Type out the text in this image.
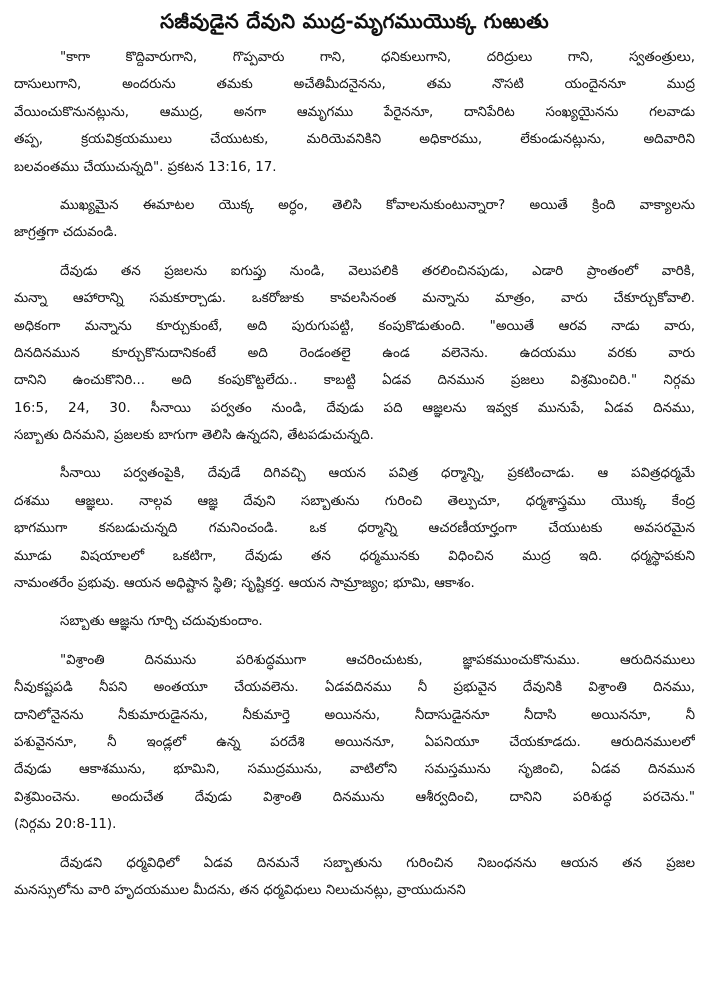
సజీవుడైన దేవుని ముద్ర-మృగముయొక్క గుఱుతు
"కాగా కొద్దివారుగాని, గొప్పవారు గాని, ధనికులుగాని, దరిద్రులు గాని, స్వతంత్రులు,
దాసులుగాని, అందరును తమకు అచేతిమీదనైనను, తమ నొసటి యందైననూ ముద్ర
వేయించుకొనునట్లును, ఆముద్ర, అనగా ఆమృగము పేరైననూ, దానిపేరిట సంఖ్యయైనను గలవాడు
తప్ప, క్రయవిక్రయములు చేయుటకు, మరియెవనికిని అధికారము, లేకుండునట్లును, అదివారిని
బలవంతము చేయుచున్నది". ప్రకటన 13:16, 17.
ముఖ్యమైన ఈమాటల యొక్క అర్ధం, తెలిసి కోవాలనుకుంటున్నారా? అయితే క్రింది వాక్యాలను
జాగ్రత్తగా చదువండి.
దేవుడు తన ప్రజలను ఐగుప్తు నుండి, వెలుపలికి తరలించినపుడు, ఎడారి ప్రాంతంలో వారికి,
మన్నా ఆహారాన్ని సమకూర్చాడు. ఒకరోజుకు కావలసినంత మన్నాను మాత్రం, వారు చేకూర్చుకోవాలి.
అధికంగా మన్నాను కూర్చుకుంటే, అది పురుగుపట్టి, కంపుకొడుతుంది. "అయితే ఆరవ నాడు వారు,
దినదినమున కూర్చుకొనుదానికంటే అది రెండంతలై ఉండ వలెనెను. ఉదయము వరకు వారు
దానిని ఉంచుకొనిరి... అది కంపుకొట్టలేదు.. కాబట్టి ఏడవ దినమున ప్రజలు విశ్రమించిరి." నిర్గమ
16:5, 24, 30. సీనాయి పర్వతం నుండి, దేవుడు పది ఆజ్ఞలను ఇవ్వక మునుపే, ఏడవ దినము,
సబ్బాతు దినమని, ప్రజలకు బాగుగా తెలిసి ఉన్నదని, తేటపడుచున్నది.
సీనాయి పర్వతంపైకి, దేవుడే దిగివచ్చి ఆయన పవిత్ర ధర్మాన్ని, ప్రకటించాడు. ఆ పవిత్రధర్మమే
దశము ఆజ్ఞలు. నాల్గవ ఆజ్ఞ దేవుని సబ్బాతును గురించి తెల్పుచూ, ధర్మశాస్త్రము యొక్క కేంద్ర
భాగముగా కనబడుచున్నది గమనించండి. ఒక ధర్మాన్ని ఆచరణీయార్హంగా చేయుటకు అవసరమైన
మూడు విషయాలలో ఒకటిగా, దేవుడు తన ధర్మమునకు విధించిన ముద్ర ఇది. ధర్మస్థాపకుని
నామంతరేం ప్రభువు. ఆయన అధిష్టాన స్థితి; సృష్టికర్త. ఆయన సామ్రాజ్యం; భూమి, ఆకాశం.
సబ్బాతు ఆజ్ఞను గూర్చి చదువుకుందాం.
"విశ్రాంతి దినమును పరిశుద్ధముగా ఆచరించుటకు, జ్ఞాపకముంచుకొనుము. ఆరుదినములు
నీవుకష్టపడి నీపని అంతయూ చేయవలెను. ఏడవదినము నీ ప్రభువైన దేవునికి విశ్రాంతి దినము,
దానిలోనైనను నీకుమారుడైనను, నీకుమార్తె అయినను, నీదాసుడైననూ నీదాసి అయిననూ, నీ
పశువైననూ, నీ ఇండ్లలో ఉన్న పరదేశి అయిననూ, ఏపనియూ చేయకూడదు. ఆరుదినములలో
దేవుడు ఆకాశమును, భూమిని, సముద్రమును, వాటిలోని సమస్తమును సృజించి, ఏడవ దినమున
విశ్రమించెను. అందుచేత దేవుడు విశ్రాంతి దినమును ఆశీర్వదించి, దానిని పరిశుద్ధ పరచెను."
(నిర్గమ 20:8-11).
దేవుడని ధర్మవిధిలో ఏడవ దినమనే సబ్బాతును గురించిన నిబంధనను ఆయన తన ప్రజల
మనస్సులోను వారి హృదయముల మీదను, తన ధర్మవిధులు నిలుచునట్లు, వ్రాయుదునని
